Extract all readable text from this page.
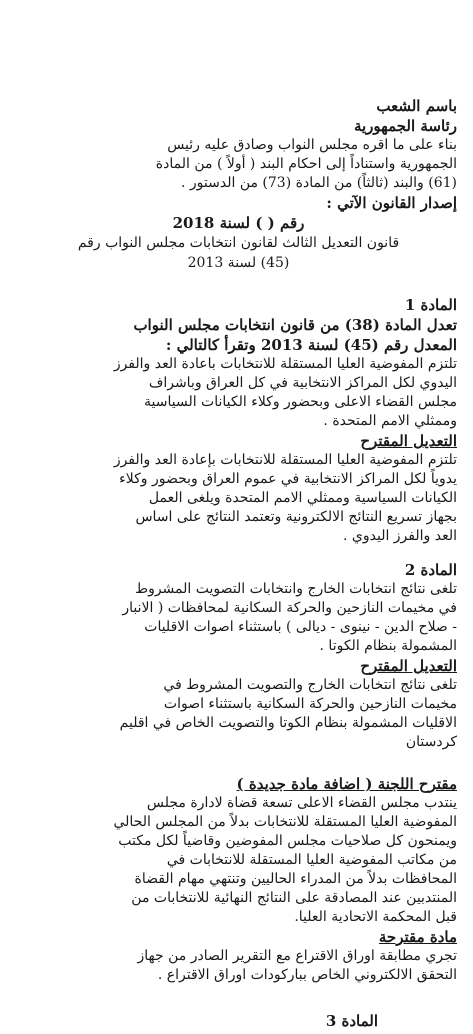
باسم الشعب

رئاسة الجمهورية

بناء على ما اقره مجلس النواب وصادق عليه رئيس

الجمهورية واستناداً إلى احكام البند ( أولاً ) من المادة

(61) والبند (ثالثاً) من المادة (73) من الدستور .

إصدار القانون الآتي :

رقم ( ) لسنة 2018

قانون التعديل الثالث لقانون انتخابات مجلس النواب رقم

(45) لسنة 2013

المادة 1

تعدل المادة (38) من قانون انتخابات مجلس النواب

المعدل رقم (45) لسنة 2013 وتقرأ كالتالي :

تلتزم المفوضية العليا المستقلة للانتخابات باعادة العد والفرز

اليدوي لكل المراكز الانتخابية في كل العراق وباشراف

مجلس القضاء الاعلى وبحضور وكلاء الكيانات السياسية

وممثلي الامم المتحدة .

التعديل المقترح

تلتزم المفوضية العليا المستقلة للانتخابات بإعادة العد والفرز

يدوياً لكل المراكز الانتخابية في عموم العراق وبحضور وكلاء

الكيانات السياسية وممثلي الامم المتحدة ويلغى العمل

بجهاز تسريع النتائج الالكترونية وتعتمد النتائج على اساس

العد والفرز اليدوي .

المادة 2

تلغى نتائج انتخابات الخارج وانتخابات التصويت المشروط

في مخيمات النازحين والحركة السكانية لمحافظات ( الانبار

- صلاح الدين - نينوى - ديالى ) باستثناء اصوات الاقليات

المشمولة بنظام الكوتا .

التعديل المقترح

تلغى نتائج انتخابات الخارج والتصويت المشروط في

مخيمات النازحين والحركة السكانية باستثناء اصوات

الاقليات المشمولة بنظام الكوتا والتصويت الخاص في اقليم

كردستان

مقترح اللجنة ( اضافة مادة جديدة )

ينتدب مجلس القضاء الاعلى تسعة قضاة لادارة مجلس

المفوضية العليا المستقلة للانتخابات بدلاً من المجلس الحالي

ويمنحون كل صلاحيات مجلس المفوضين وقاضياً لكل مكتب

من مكاتب المفوضية العليا المستقلة للانتخابات في

المحافظات بدلاً من المدراء الحاليين وتنتهي مهام القضاة

المنتدبين عند المصادقة على النتائج النهائية للانتخابات من

قبل المحكمة الاتحادية العليا.

مادة مقترحة

تجري مطابقة اوراق الاقتراع مع التقرير الصادر من جهاز

التحقق الالكتروني الخاص بباركودات اوراق الاقتراع .

المادة 3
